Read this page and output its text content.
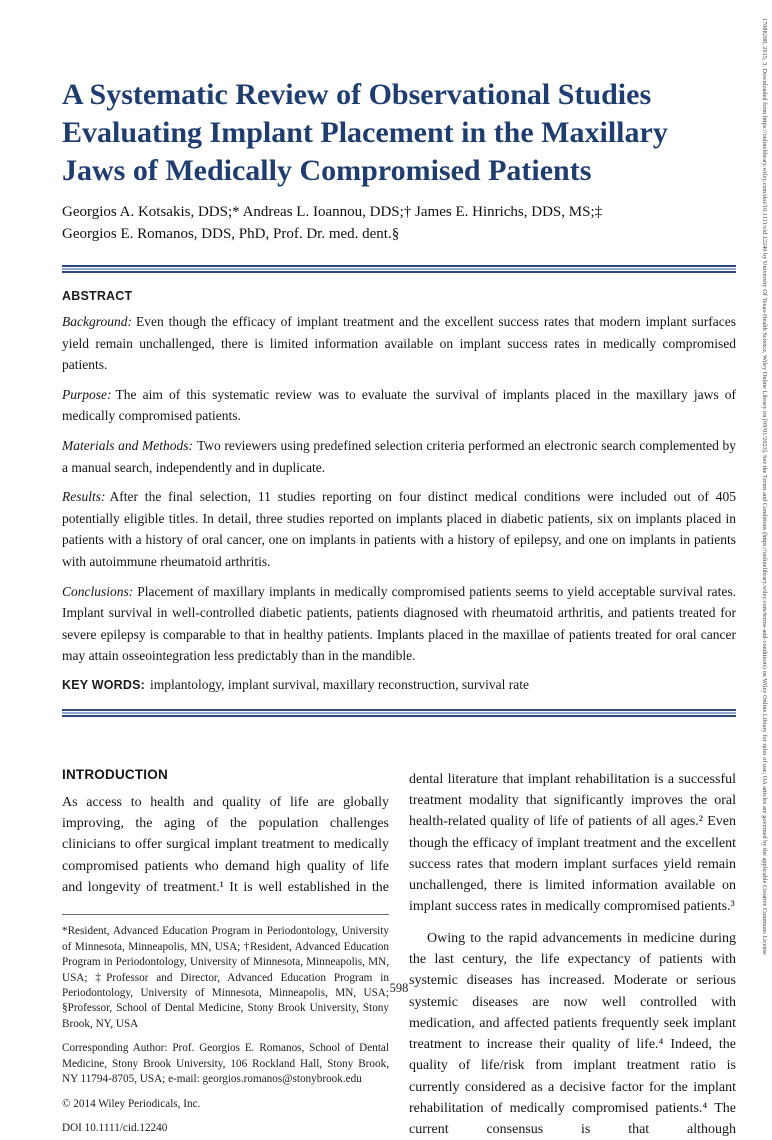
17088208, 2015, 3, Downloaded from https://onlinelibrary.wiley.com/doi/10.1111/cid.12240 by University Of Texas-Health Science, Wiley Online Library on [09/01/2023]. See the Terms and Conditions (https://onlinelibrary.wiley.com/terms-and-conditions) on Wiley Online Library for rules of use; OA articles are governed by the applicable Creative Commons License
A Systematic Review of Observational Studies Evaluating Implant Placement in the Maxillary Jaws of Medically Compromised Patients
Georgios A. Kotsakis, DDS;* Andreas L. Ioannou, DDS;† James E. Hinrichs, DDS, MS;‡
Georgios E. Romanos, DDS, PhD, Prof. Dr. med. dent.§
ABSTRACT

Background: Even though the efficacy of implant treatment and the excellent success rates that modern implant surfaces yield remain unchallenged, there is limited information available on implant success rates in medically compromised patients.

Purpose: The aim of this systematic review was to evaluate the survival of implants placed in the maxillary jaws of medically compromised patients.

Materials and Methods: Two reviewers using predefined selection criteria performed an electronic search complemented by a manual search, independently and in duplicate.

Results: After the final selection, 11 studies reporting on four distinct medical conditions were included out of 405 potentially eligible titles. In detail, three studies reported on implants placed in diabetic patients, six on implants placed in patients with a history of oral cancer, one on implants in patients with a history of epilepsy, and one on implants in patients with autoimmune rheumatoid arthritis.

Conclusions: Placement of maxillary implants in medically compromised patients seems to yield acceptable survival rates. Implant survival in well-controlled diabetic patients, patients diagnosed with rheumatoid arthritis, and patients treated for severe epilepsy is comparable to that in healthy patients. Implants placed in the maxillae of patients treated for oral cancer may attain osseointegration less predictably than in the mandible.

KEY WORDS: implantology, implant survival, maxillary reconstruction, survival rate

INTRODUCTION

As access to health and quality of life are globally improving, the aging of the population challenges clinicians to offer surgical implant treatment to medically compromised patients who demand high quality of life and longevity of treatment.¹ It is well established in the

*Resident, Advanced Education Program in Periodontology, University of Minnesota, Minneapolis, MN, USA; †Resident, Advanced Education Program in Periodontology, University of Minnesota, Minneapolis, MN, USA; ‡Professor and Director, Advanced Education Program in Periodontology, University of Minnesota, Minneapolis, MN, USA; §Professor, School of Dental Medicine, Stony Brook University, Stony Brook, NY, USA

Corresponding Author: Prof. Georgios E. Romanos, School of Dental Medicine, Stony Brook University, 106 Rockland Hall, Stony Brook, NY 11794-8705, USA; e-mail: georgios.romanos@stonybrook.edu

© 2014 Wiley Periodicals, Inc.

DOI 10.1111/cid.12240

dental literature that implant rehabilitation is a successful treatment modality that significantly improves the oral health-related quality of life of patients of all ages.² Even though the efficacy of implant treatment and the excellent success rates that modern implant surfaces yield remain unchallenged, there is limited information available on implant success rates in medically compromised patients.³

Owing to the rapid advancements in medicine during the last century, the life expectancy of patients with systemic diseases has increased. Moderate or serious systemic diseases are now well controlled with medication, and affected patients frequently seek implant treatment to increase their quality of life.⁴ Indeed, the quality of life/risk from implant treatment ratio is currently considered as a decisive factor for the implant rehabilitation of medically compromised patients.⁴ The current consensus is that although

598
